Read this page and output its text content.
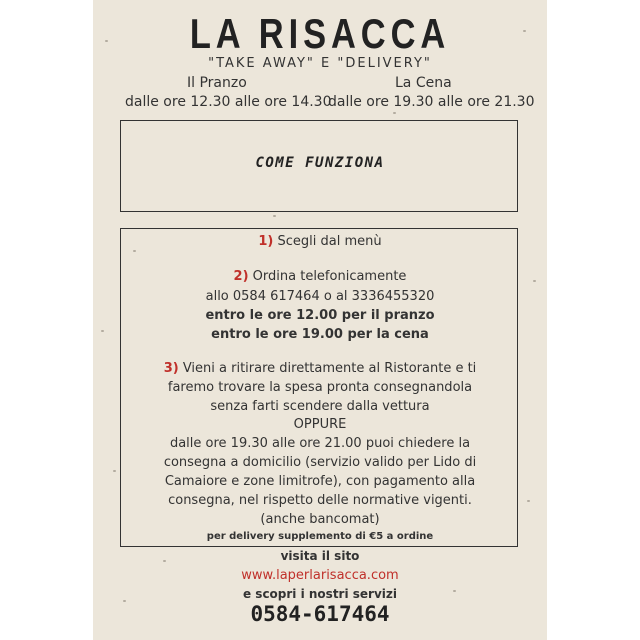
LA RISACCA
"TAKE AWAY" E "DELIVERY"
Il Pranzo	La Cena
dalle ore 12.30 alle ore 14.30
dalle ore 19.30 alle ore 21.30
COME FUNZIONA
1) Scegli dal menù
2) Ordina telefonicamente
allo 0584 617464 o al 3336455320
entro le ore 12.00 per il pranzo
entro le ore 19.00 per la cena
3) Vieni a ritirare direttamente al Ristorante e ti
faremo trovare la spesa pronta consegnandola
senza farti scendere dalla vettura
OPPURE
dalle ore 19.30 alle ore 21.00 puoi chiedere la
consegna a domicilio (servizio valido per Lido di
Camaiore e zone limitrofe), con pagamento alla
consegna, nel rispetto delle normative vigenti.
(anche bancomat)
per delivery supplemento di €5 a ordine
visita il sito
www.laperlarisacca.com
e scopri i nostri servizi
0584-617464
